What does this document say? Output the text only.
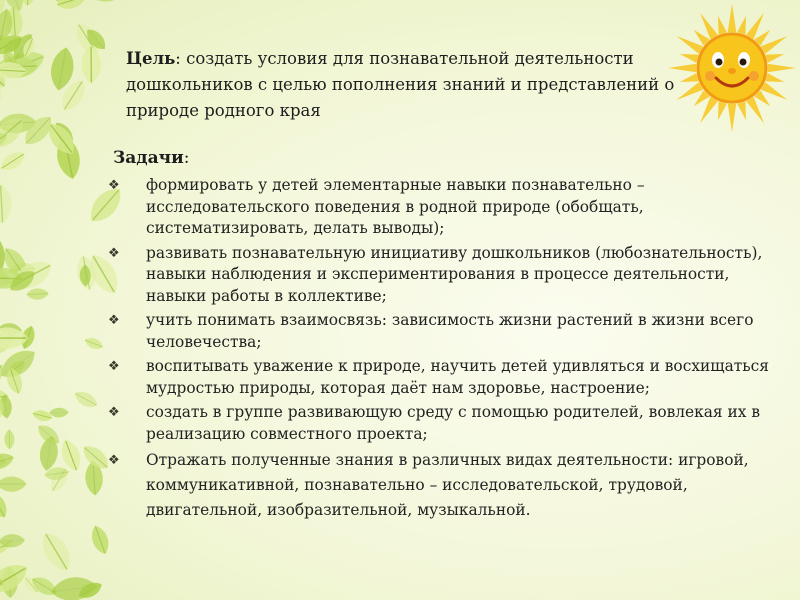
Цель: создать условия для познавательной деятельности дошкольников с целью пополнения знаний и представлений о природе родного края
Задачи:
❖ формировать у детей элементарные навыки познавательно – исследовательского поведения в родной природе (обобщать, систематизировать, делать выводы);
❖ развивать познавательную инициативу дошкольников (любознательность), навыки наблюдения и экспериментирования в процессе деятельности, навыки работы в коллективе;
❖ учить понимать взаимосвязь: зависимость жизни растений в жизни всего человечества;
❖ воспитывать уважение к природе, научить детей удивляться и восхищаться мудростью природы, которая даёт нам здоровье, настроение;
❖ создать в группе развивающую среду с помощью родителей, вовлекая их в реализацию совместного проекта;
❖ Отражать полученные знания в различных видах деятельности: игровой, коммуникативной, познавательно – исследовательской, трудовой, двигательной, изобразительной, музыкальной.
